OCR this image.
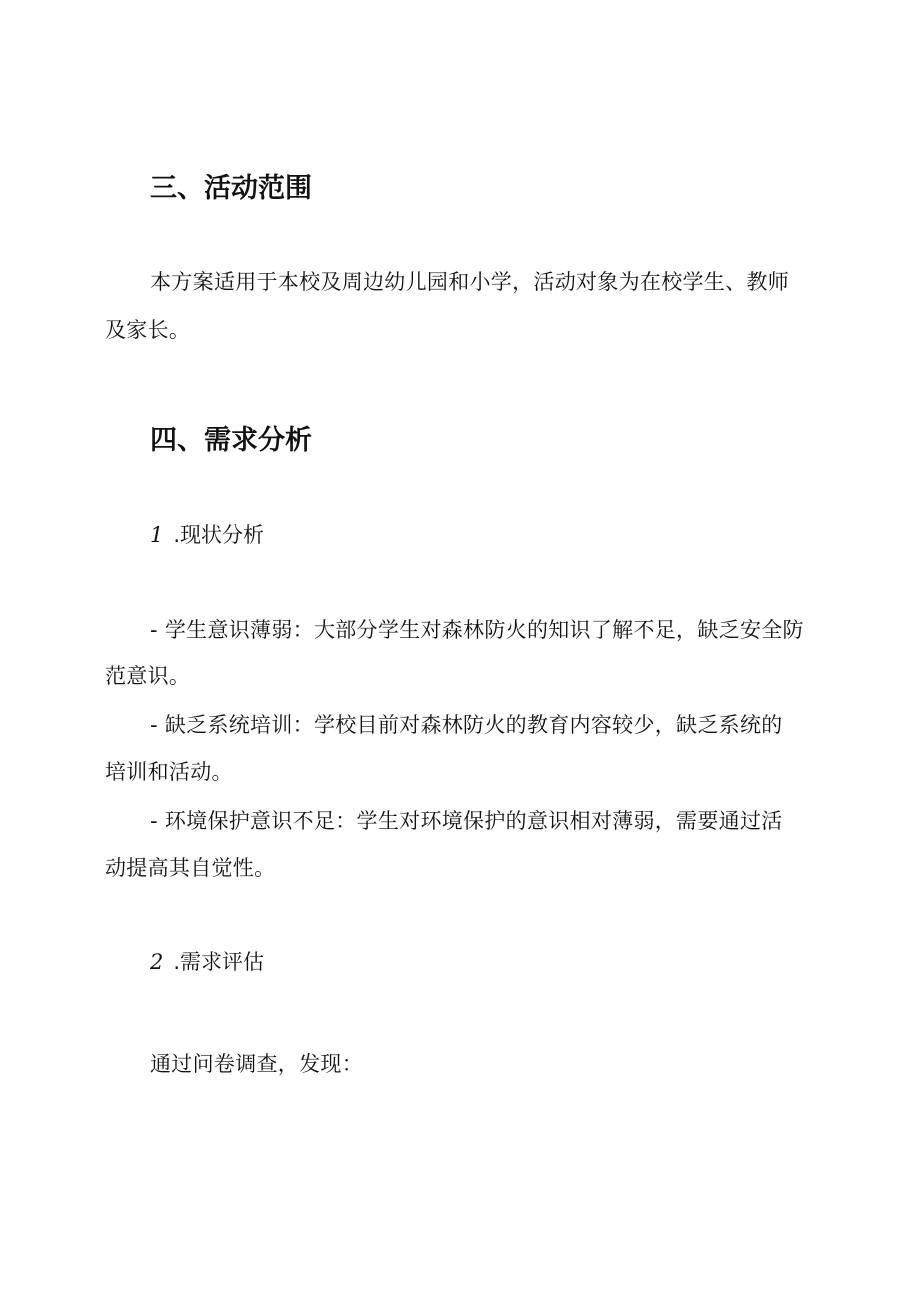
三、活动范围

本方案适用于本校及周边幼儿园和小学，活动对象为在校学生、教师

及家长。

四、需求分析
1 .现状分析

- 学生意识薄弱：大部分学生对森林防火的知识了解不足，缺乏安全防

范意识。

- 缺乏系统培训：学校目前对森林防火的教育内容较少，缺乏系统的

培训和活动。

- 环境保护意识不足：学生对环境保护的意识相对薄弱，需要通过活

动提高其自觉性。

2 .需求评估

通过问卷调查，发现：
